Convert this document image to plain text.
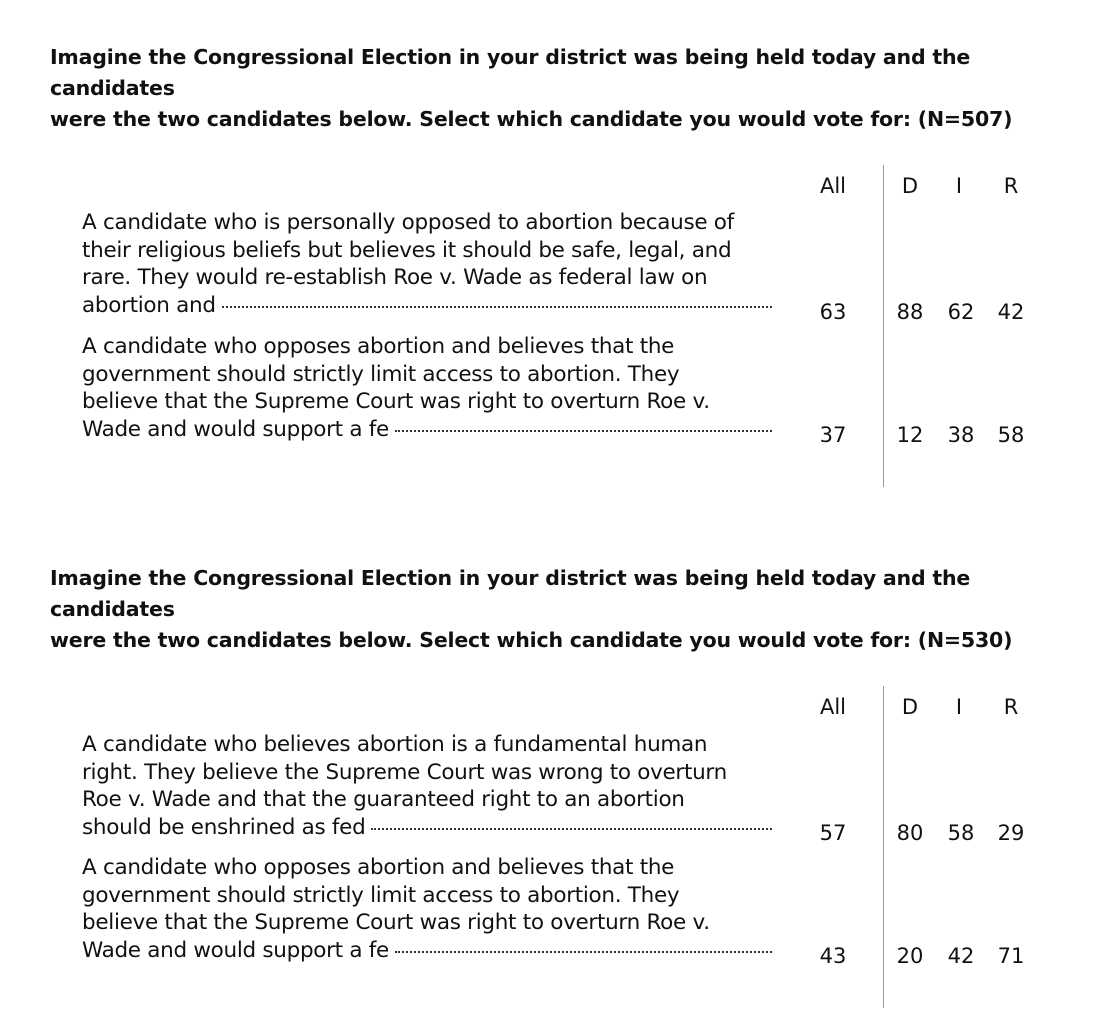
Imagine the Congressional Election in your district was being held today and the candidates
were the two candidates below. Select which candidate you would vote for: (N=507)
All	D	I	R
A candidate who is personally opposed to abortion because of
their religious beliefs but believes it should be safe, legal, and
rare. They would re-establish Roe v. Wade as federal law on
abortion and	63	88	62	42
A candidate who opposes abortion and believes that the
government should strictly limit access to abortion. They
believe that the Supreme Court was right to overturn Roe v.
Wade and would support a fe	37	12	38	58
Imagine the Congressional Election in your district was being held today and the candidates
were the two candidates below. Select which candidate you would vote for: (N=530)
All	D	I	R
A candidate who believes abortion is a fundamental human
right. They believe the Supreme Court was wrong to overturn
Roe v. Wade and that the guaranteed right to an abortion
should be enshrined as fed	57	80	58	29
A candidate who opposes abortion and believes that the
government should strictly limit access to abortion. They
believe that the Supreme Court was right to overturn Roe v.
Wade and would support a fe	43	20	42	71
